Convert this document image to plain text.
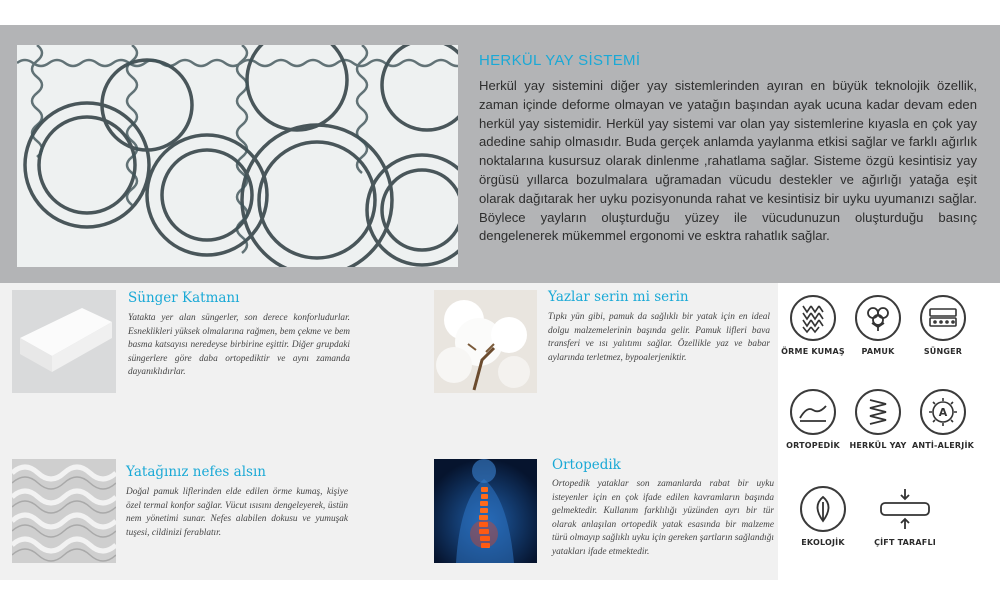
HERKÜL YAY SİSTEMİ
Herkül yay sistemini diğer yay sistemlerinden ayıran en büyük teknolojik özellik, zaman içinde deforme olmayan ve yatağın başından ayak ucuna kadar devam eden herkül yay sistemidir. Herkül yay sistemi var olan yay sistemlerine kıyasla en çok yay adedine sahip olmasıdır. Buda gerçek anlamda yaylanma etkisi sağlar ve farklı ağırlık noktalarına kusursuz olarak dinlenme ,rahatlama sağlar. Sisteme özgü kesintisiz yay örgüsü yıllarca bozulmalara uğramadan vücudu destekler ve ağırlığı yatağa eşit olarak dağıtarak her uyku pozisyonunda rahat ve kesintisiz bir uyku uyumanızı sağlar. Böylece yayların oluşturduğu yüzey ile vücudunuzun oluşturduğu basınç dengelenerek mükemmel ergonomi ve esktra rahatlık sağlar.
Sünger Katmanı
Yatakta yer alan süngerler, son derece konforludurlar. Esneklikleri yüksek olmalarına rağmen, bem çekme ve bem basma katsayısı neredeyse birbirine eşittir. Diğer grupdaki süngerlere göre daba ortopediktir ve aynı zamanda dayanıklıdırlar.
Yazlar serin mi serin
Tıpkı yün gibi, pamuk da sağlıklı bir yatak için en ideal dolgu malzemelerinin başında gelir. Pamuk lifleri bava transferi ve ısı yalıtımı sağlar. Özellikle yaz ve babar aylarında terletmez, bypoalerjeniktir.
Yatağınız nefes alsın
Doğal pamuk liflerinden elde edilen örme kumaş, kişiye özel termal konfor sağlar. Vücut ısısını dengeleyerek, üstün nem yönetimi sunar. Nefes alabilen dokusu ve yumuşak tuşesi, cildinizi ferablatır.
Ortopedik
Ortopedik yataklar son zamanlarda rabat bir uyku isteyenler için en çok ifade edilen kavramların başında gelmektedir. Kullanım farklılığı yüzünden ayrı bir tür olarak anlaşılan ortopedik yatak esasında bir malzeme türü olmayıp sağlıklı uyku için gereken şartların sağlandığı yatakları ifade etmektedir.
ÖRME KUMAŞ	PAMUK	SÜNGER
ORTOPEDİK	HERKÜL YAY
A
ANTİ-ALERJİK
EKOLOJİK	ÇİFT TARAFLI
